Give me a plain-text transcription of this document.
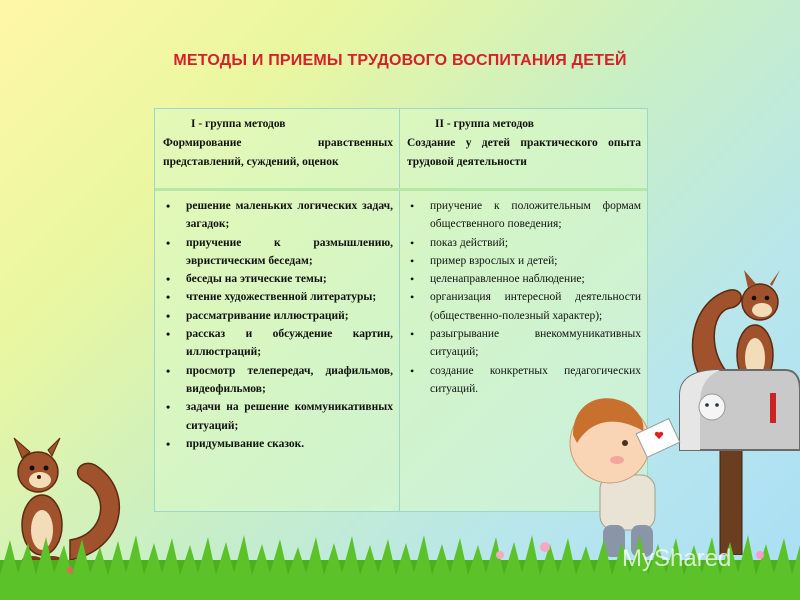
МЕТОДЫ И ПРИЕМЫ ТРУДОВОГО ВОСПИТАНИЯ ДЕТЕЙ
I - группа методов
Формирование нравственных представлений, суждений, оценок
• решение маленьких логических задач, загадок;
• приучение к размышлению, эвристическим беседам;
• беседы на этические темы;
• чтение художественной литературы;
• рассматривание иллюстраций;
• рассказ и обсуждение картин, иллюстраций;
• просмотр телепередач, диафильмов, видеофильмов;
• задачи на решение коммуникативных ситуаций;
• придумывание сказок.
II - группа методов
Создание у детей практического опыта трудовой деятельности
• приучение к положительным формам общественного поведения;
• показ действий;
• пример взрослых и детей;
• целенаправленное наблюдение;
• организация интересной деятельности (общественно-полезный характер);
• разыгрывание внекоммуникативных ситуаций;
• создание конкретных педагогических ситуаций.
MyShared
